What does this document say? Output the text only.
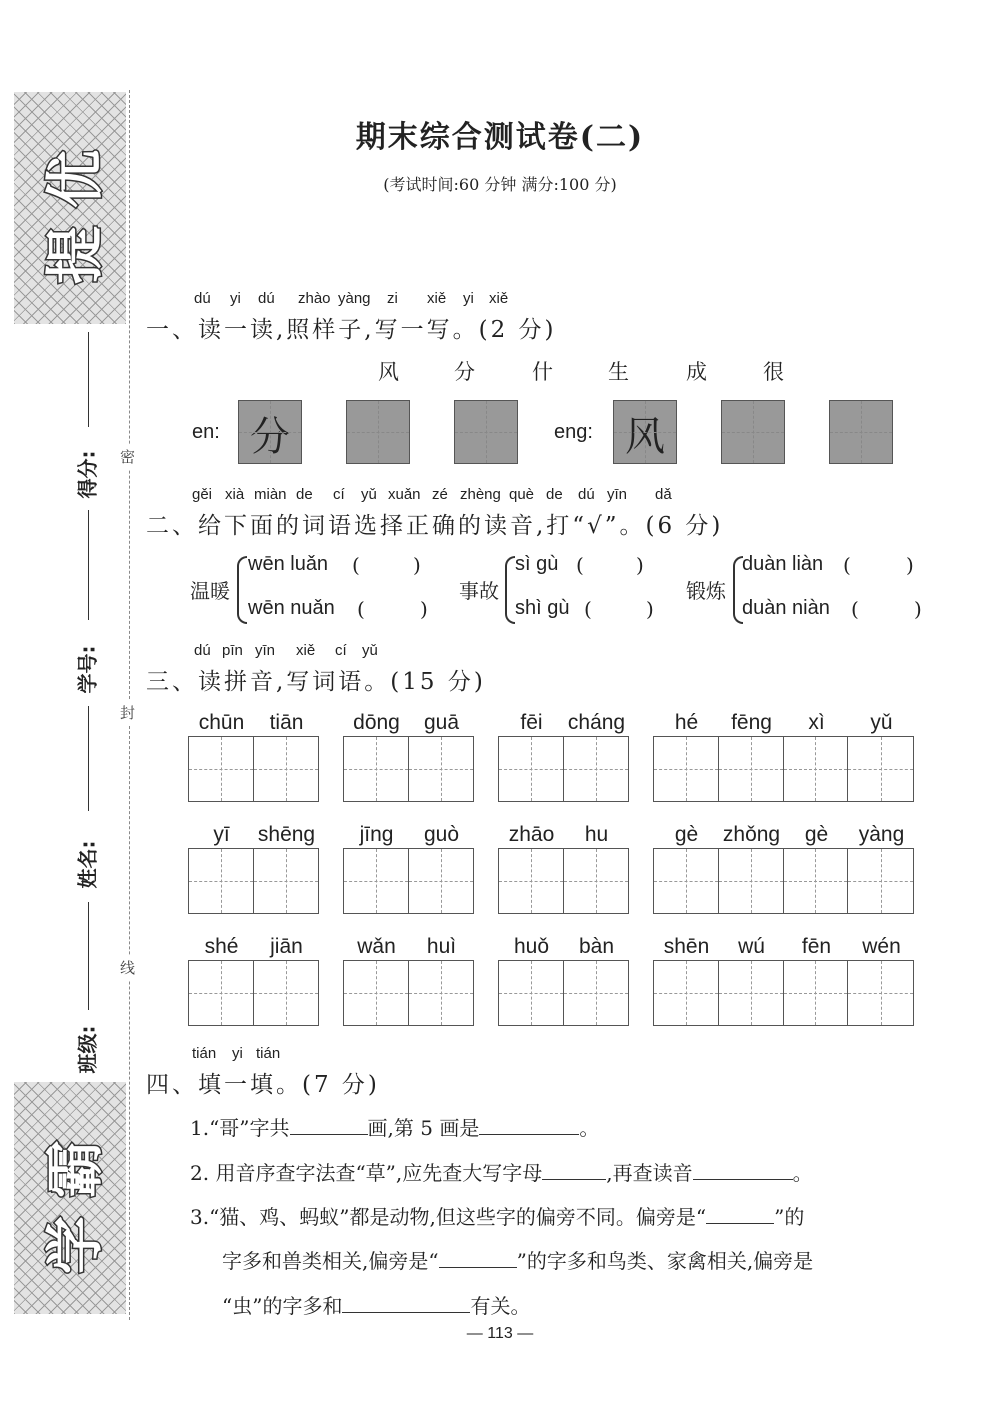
提优
学霸
密
封
线
得分:
学号:
姓名:
班级:
期末综合测试卷(二)
(考试时间:60 分钟 满分:100 分)
dú yi dú zhào yàng zi xiě yi xiě
一、读一读,照样子,写一写。(2 分)
风	分	什	生	成	很
en: 分	eng: 风
gěi xià miàn de cí yǔ xuǎn zé zhèng què de dú yīn dǎ
二、给下面的词语选择正确的读音,打“√”。(6 分)
温暖
wēn luǎn (	)
wēn nuǎn (	)
事故
sì gù (	)
shì gù (	)
锻炼
duàn liàn (	)
duàn niàn (	)
dú pīn yīn xiě cí yǔ
三、读拼音,写词语。(15 分)
chūn	tiān	dōng	guā	fēi	cháng	hé	fēng	xì	yǔ
yī	shēng	jīng	guò	zhāo	hu	gè	zhǒng	gè	yàng
shé	jiān	wǎn	huì	huǒ	bàn	shēn	wú	fēn	wén
tián yi tián
四、填一填。(7 分)
1.“哥”字共	画,第 5 画是	。
2. 用音序查字法查“草”,应先查大写字母	,再查读音	。
3.“猫、鸡、蚂蚁”都是动物,但这些字的偏旁不同。偏旁是“	”的
字多和兽类相关,偏旁是“	”的字多和鸟类、家禽相关,偏旁是
“虫”的字多和	有关。
— 113 —
